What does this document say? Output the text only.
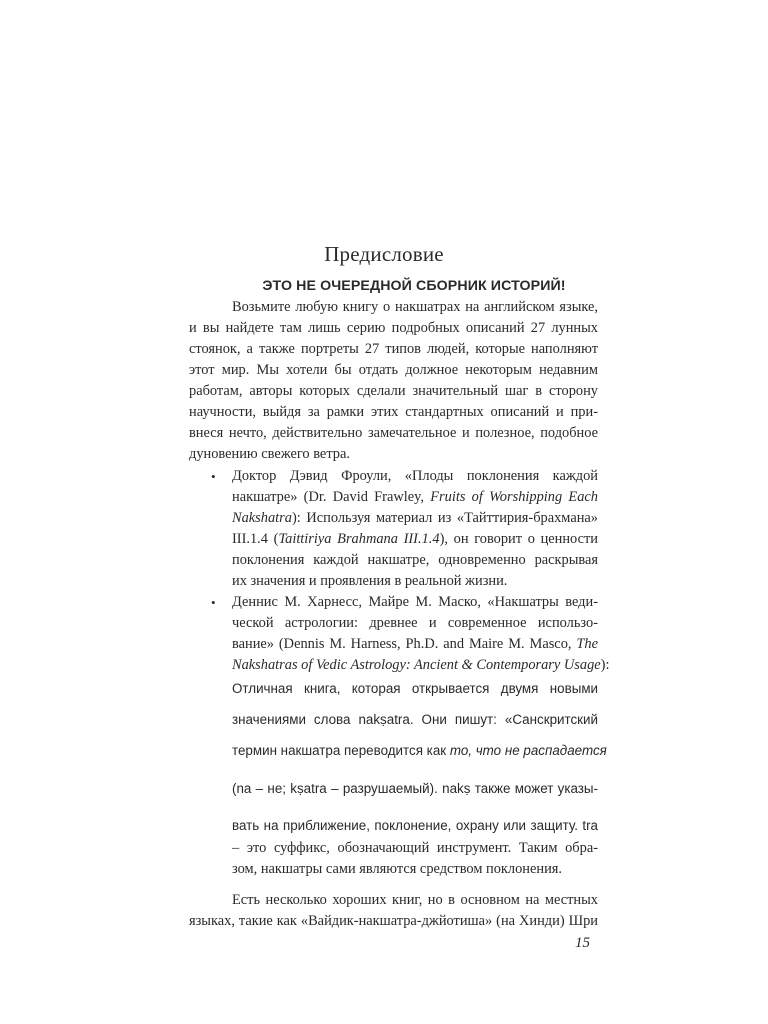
Предисловие
ЭТО НЕ ОЧЕРЕДНОЙ СБОРНИК ИСТОРИЙ!
Возьмите любую книгу о накшатрах на английском языке,
и вы найдете там лишь серию подробных описаний 27 лунных
стоянок, а также портреты 27 типов людей, которые наполняют
этот мир. Мы хотели бы отдать должное некоторым недавним
работам, авторы которых сделали значительный шаг в сторону
научности, выйдя за рамки этих стандартных описаний и при-
внеся нечто, действительно замечательное и полезное, подобное
дуновению свежего ветра.
• Доктор Дэвид Фроули, «Плоды поклонения каждой
накшатре» (Dr. David Frawley, Fruits of Worshipping Each
Nakshatra): Используя материал из «Тайттирия-брахмана»
III.1.4 (Taittiriya Brahmana III.1.4), он говорит о ценности
поклонения каждой накшатре, одновременно раскрывая
их значения и проявления в реальной жизни.
• Деннис М. Харнесс, Майре М. Маско, «Накшатры веди-
ческой астрологии: древнее и современное использо-
вание» (Dennis M. Harness, Ph.D. and Maire M. Masco, The
Nakshatras of Vedic Astrology: Ancient & Contemporary Usage):
Отличная книга, которая открывается двумя новыми
значениями слова nakṣatra. Они пишут: «Санскритский
термин накшатра переводится как то, что не распадается
(na – не; kṣatra – разрушаемый). nakṣ также может указы-
вать на приближение, поклонение, охрану или защиту. tra
– это суффикс, обозначающий инструмент. Таким обра-
зом, накшатры сами являются средством поклонения.
Есть несколько хороших книг, но в основном на местных
языках, такие как «Вайдик-накшатра-джйотиша» (на Хинди) Шри
15
